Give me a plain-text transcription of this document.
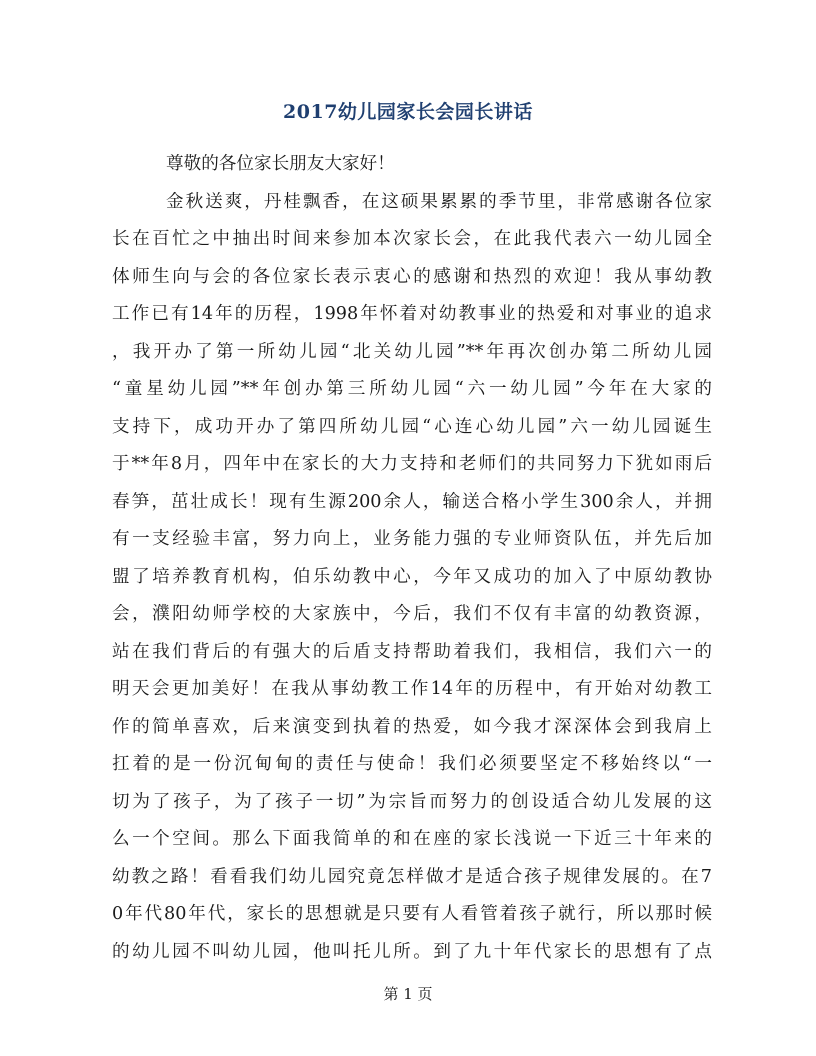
2017幼儿园家长会园长讲话
尊敬的各位家长朋友大家好！
金秋送爽，丹桂飘香，在这硕果累累的季节里，非常感谢各位家
长在百忙之中抽出时间来参加本次家长会，在此我代表六一幼儿园全
体师生向与会的各位家长表示衷心的感谢和热烈的欢迎！我从事幼教
工作已有14年的历程，1998年怀着对幼教事业的热爱和对事业的追求
，我开办了第一所幼儿园“北关幼儿园”**年再次创办第二所幼儿园
“童星幼儿园”**年创办第三所幼儿园“六一幼儿园”今年在大家的
支持下，成功开办了第四所幼儿园“心连心幼儿园”六一幼儿园诞生
于**年8月，四年中在家长的大力支持和老师们的共同努力下犹如雨后
春笋，茁壮成长！现有生源200余人，输送合格小学生300余人，并拥
有一支经验丰富，努力向上，业务能力强的专业师资队伍，并先后加
盟了培养教育机构，伯乐幼教中心，今年又成功的加入了中原幼教协
会，濮阳幼师学校的大家族中，今后，我们不仅有丰富的幼教资源，
站在我们背后的有强大的后盾支持帮助着我们，我相信，我们六一的
明天会更加美好！在我从事幼教工作14年的历程中，有开始对幼教工
作的简单喜欢，后来演变到执着的热爱，如今我才深深体会到我肩上
扛着的是一份沉甸甸的责任与使命！我们必须要坚定不移始终以“一
切为了孩子，为了孩子一切”为宗旨而努力的创设适合幼儿发展的这
么一个空间。那么下面我简单的和在座的家长浅说一下近三十年来的
幼教之路！看看我们幼儿园究竟怎样做才是适合孩子规律发展的。在7
0年代80年代，家长的思想就是只要有人看管着孩子就行，所以那时候
的幼儿园不叫幼儿园，他叫托儿所。到了九十年代家长的思想有了点
第 1 页
